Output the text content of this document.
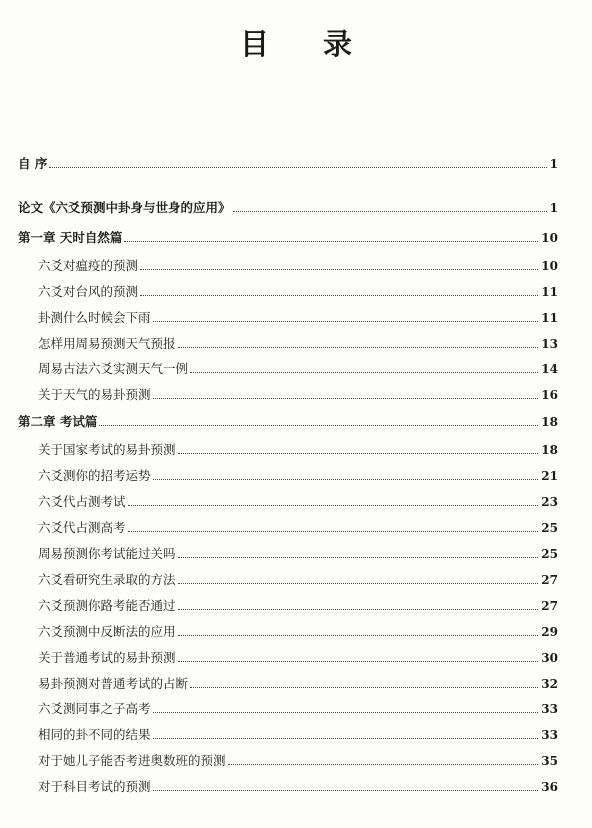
目 录
自 序	1
论文《六爻预测中卦身与世身的应用》	1
第一章 天时自然篇	10
六爻对瘟疫的预测	10
六爻对台风的预测	11
卦测什么时候会下雨	11
怎样用周易预测天气预报	13
周易古法六爻实测天气一例	14
关于天气的易卦预测	16
第二章 考试篇	18
关于国家考试的易卦预测	18
六爻测你的招考运势	21
六爻代占测考试	23
六爻代占测高考	25
周易预测你考试能过关吗	25
六爻看研究生录取的方法	27
六爻预测你路考能否通过	27
六爻预测中反断法的应用	29
关于普通考试的易卦预测	30
易卦预测对普通考试的占断	32
六爻测同事之子高考	33
相同的卦不同的结果	33
对于她儿子能否考进奥数班的预测	35
对于科目考试的预测	36
